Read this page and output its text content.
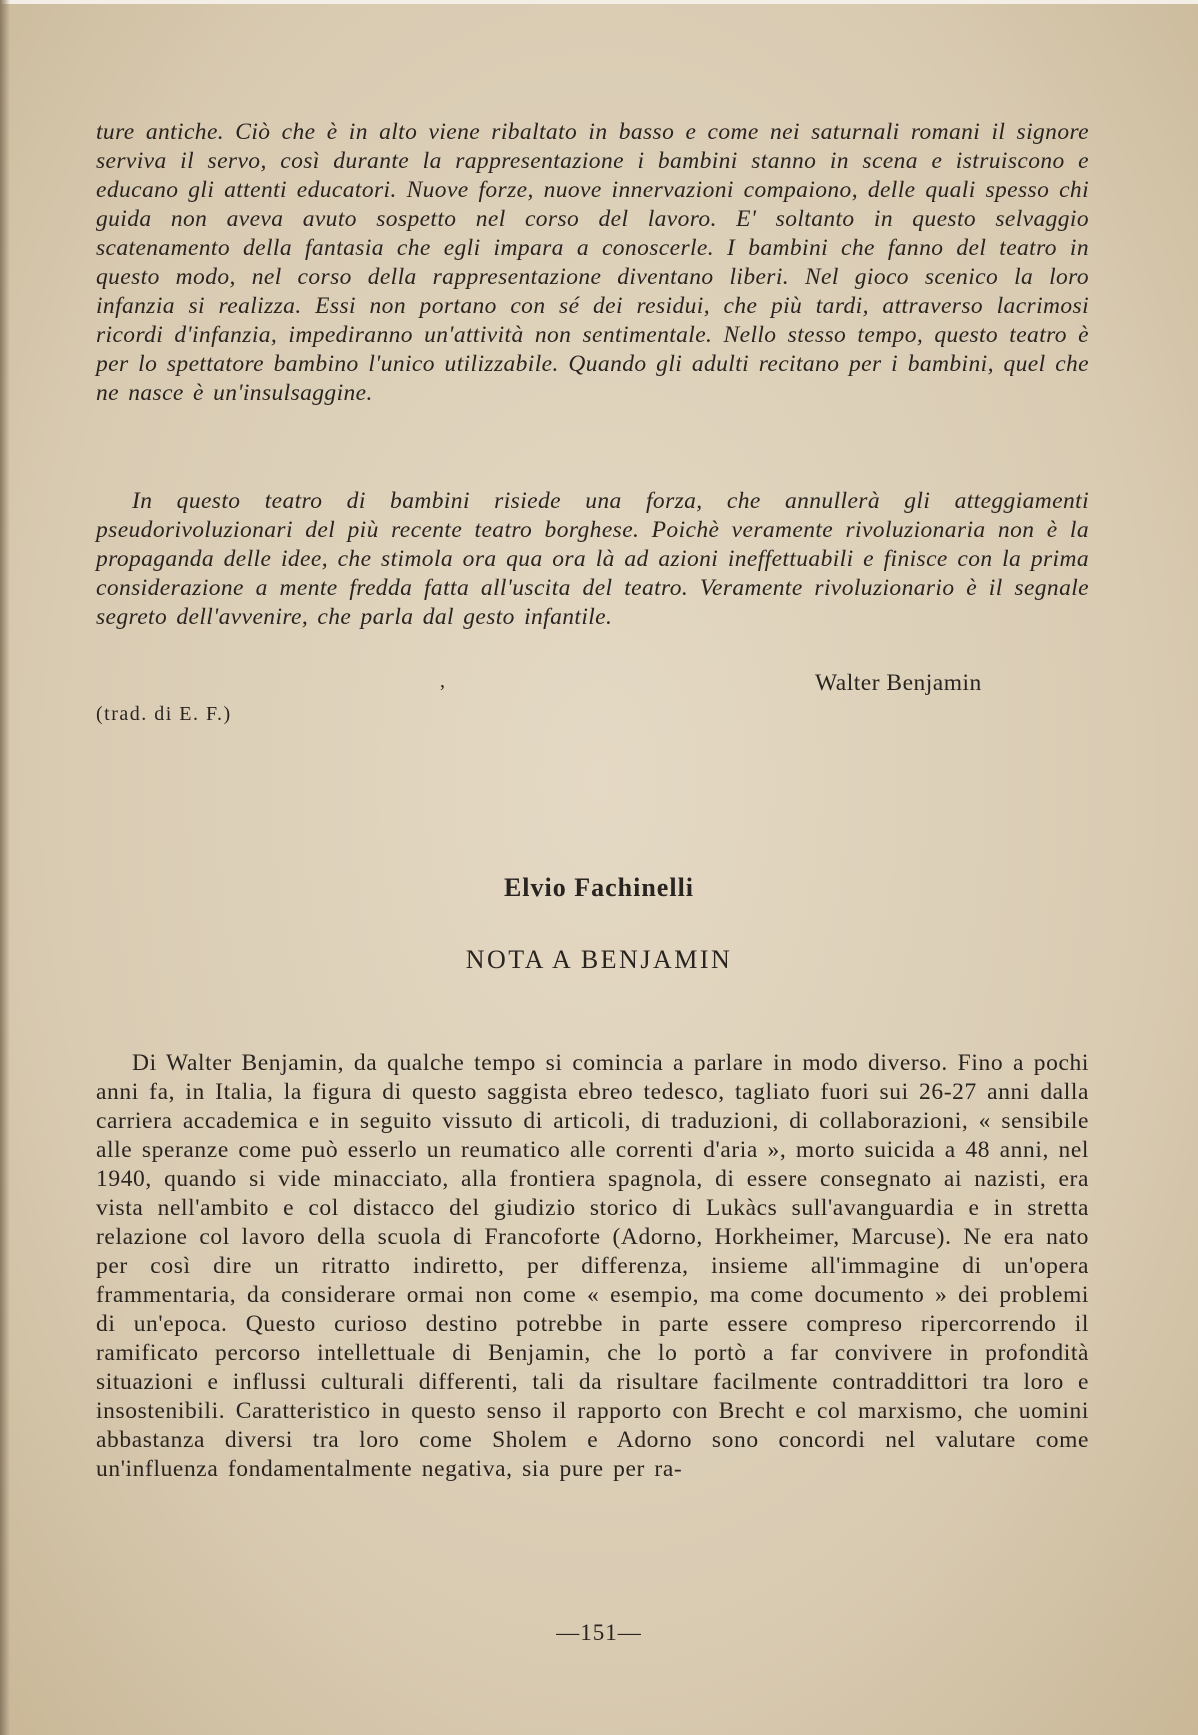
ture antiche. Ciò che è in alto viene ribaltato in basso e come nei saturnali romani il signore serviva il servo, così durante la rappresentazione i bambini stanno in scena e istruiscono e educano gli attenti educatori. Nuove forze, nuove innervazioni compaiono, delle quali spesso chi guida non aveva avuto sospetto nel corso del lavoro. E' soltanto in questo selvaggio scatenamento della fantasia che egli impara a conoscerle. I bambini che fanno del teatro in questo modo, nel corso della rappresentazione diventano liberi. Nel gioco scenico la loro infanzia si realizza. Essi non portano con sé dei residui, che più tardi, attraverso lacrimosi ricordi d'infanzia, impediranno un'attività non sentimentale. Nello stesso tempo, questo teatro è per lo spettatore bambino l'unico utilizzabile. Quando gli adulti recitano per i bambini, quel che ne nasce è un'insulsaggine.

In questo teatro di bambini risiede una forza, che annullerà gli atteggiamenti pseudorivoluzionari del più recente teatro borghese. Poichè veramente rivoluzionaria non è la propaganda delle idee, che stimola ora qua ora là ad azioni ineffettuabili e finisce con la prima considerazione a mente fredda fatta all'uscita del teatro. Veramente rivoluzionario è il segnale segreto dell'avvenire, che parla dal gesto infantile.

,	Walter Benjamin
(trad. di E. F.)
Elvio Fachinelli
NOTA A BENJAMIN

Di Walter Benjamin, da qualche tempo si comincia a parlare in modo diverso. Fino a pochi anni fa, in Italia, la figura di questo saggista ebreo tedesco, tagliato fuori sui 26-27 anni dalla carriera accademica e in seguito vissuto di articoli, di traduzioni, di collaborazioni, « sensibile alle speranze come può esserlo un reumatico alle correnti d'aria », morto suicida a 48 anni, nel 1940, quando si vide minacciato, alla frontiera spagnola, di essere consegnato ai nazisti, era vista nell'ambito e col distacco del giudizio storico di Lukàcs sull'avanguardia e in stretta relazione col lavoro della scuola di Francoforte (Adorno, Horkheimer, Marcuse). Ne era nato per così dire un ritratto indiretto, per differenza, insieme all'immagine di un'opera frammentaria, da considerare ormai non come « esempio, ma come documento » dei problemi di un'epoca. Questo curioso destino potrebbe in parte essere compreso ripercorrendo il ramificato percorso intellettuale di Benjamin, che lo portò a far convivere in profondità situazioni e influssi culturali differenti, tali da risultare facilmente contraddittori tra loro e insostenibili. Caratteristico in questo senso il rapporto con Brecht e col marxismo, che uomini abbastanza diversi tra loro come Sholem e Adorno sono concordi nel valutare come un'influenza fondamentalmente negativa, sia pure per ra-

—151—
